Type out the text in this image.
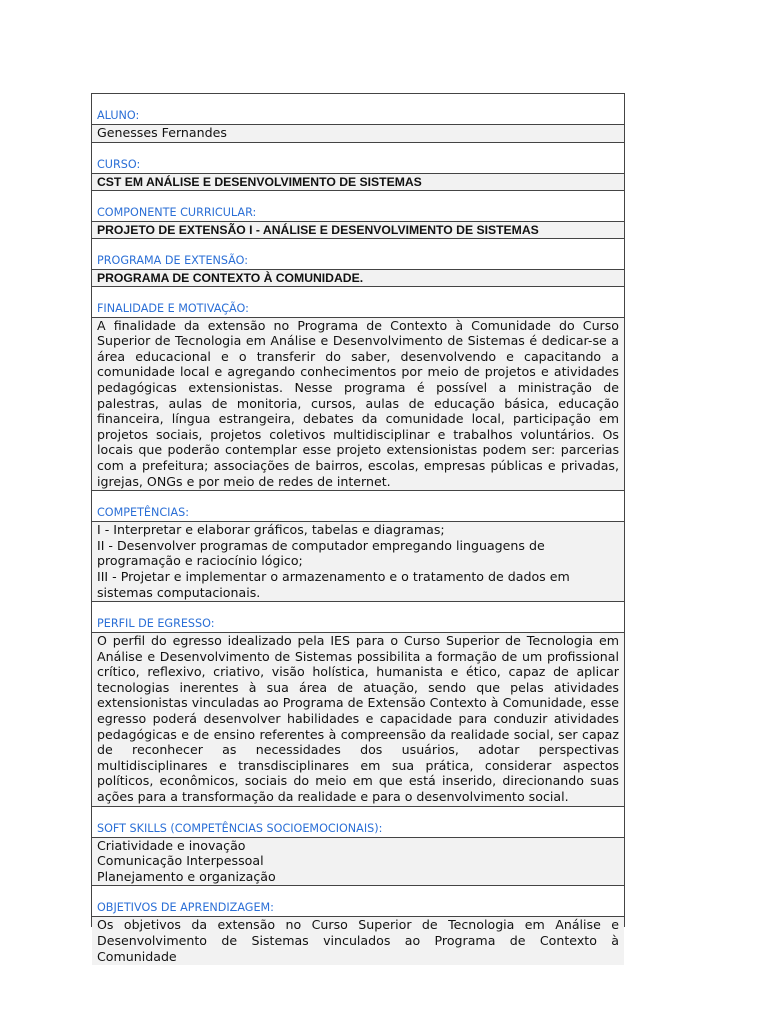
ALUNO:
Genesses Fernandes
CURSO:
CST EM ANÁLISE E DESENVOLVIMENTO DE SISTEMAS
COMPONENTE CURRICULAR:
PROJETO DE EXTENSÃO I - ANÁLISE E DESENVOLVIMENTO DE SISTEMAS
PROGRAMA DE EXTENSÃO:
PROGRAMA DE CONTEXTO À COMUNIDADE.
FINALIDADE E MOTIVAÇÃO:
A finalidade da extensão no Programa de Contexto à Comunidade do Curso Superior de Tecnologia em Análise e Desenvolvimento de Sistemas é dedicar-se a área educacional e o transferir do saber, desenvolvendo e capacitando a comunidade local e agregando conhecimentos por meio de projetos e atividades pedagógicas extensionistas. Nesse programa é possível a ministração de palestras, aulas de monitoria, cursos, aulas de educação básica, educação financeira, língua estrangeira, debates da comunidade local, participação em projetos sociais, projetos coletivos multidisciplinar e trabalhos voluntários. Os locais que poderão contemplar esse projeto extensionistas podem ser: parcerias com a prefeitura; associações de bairros, escolas, empresas públicas e privadas, igrejas, ONGs e por meio de redes de internet.
COMPETÊNCIAS:
I - Interpretar e elaborar gráficos, tabelas e diagramas;
II - Desenvolver programas de computador empregando linguagens de programação e raciocínio lógico;
III - Projetar e implementar o armazenamento e o tratamento de dados em sistemas computacionais.
PERFIL DE EGRESSO:
O perfil do egresso idealizado pela IES para o Curso Superior de Tecnologia em Análise e Desenvolvimento de Sistemas possibilita a formação de um profissional crítico, reflexivo, criativo, visão holística, humanista e ético, capaz de aplicar tecnologias inerentes à sua área de atuação, sendo que pelas atividades extensionistas vinculadas ao Programa de Extensão Contexto à Comunidade, esse egresso poderá desenvolver habilidades e capacidade para conduzir atividades pedagógicas e de ensino referentes à compreensão da realidade social, ser capaz de reconhecer as necessidades dos usuários, adotar perspectivas multidisciplinares e transdisciplinares em sua prática, considerar aspectos políticos, econômicos, sociais do meio em que está inserido, direcionando suas ações para a transformação da realidade e para o desenvolvimento social.
SOFT SKILLS (COMPETÊNCIAS SOCIOEMOCIONAIS):
Criatividade e inovação
Comunicação Interpessoal
Planejamento e organização
OBJETIVOS DE APRENDIZAGEM:
Os objetivos da extensão no Curso Superior de Tecnologia em Análise e Desenvolvimento de Sistemas vinculados ao Programa de Contexto à Comunidade
